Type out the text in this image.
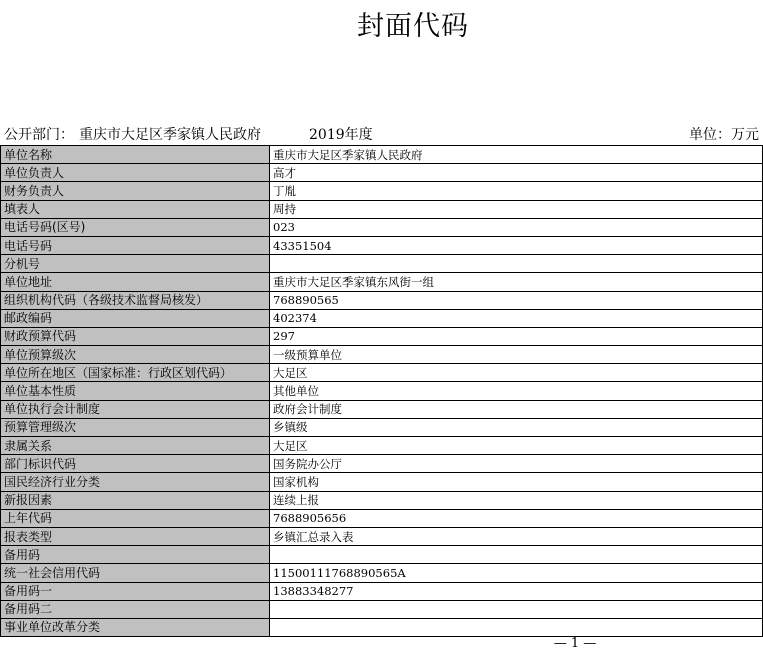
封面代码
公开部门： 重庆市大足区季家镇人民政府	2019年度	单位：万元
单位名称	重庆市大足区季家镇人民政府
单位负责人	高才
财务负责人	丁胤
填表人	周持
电话号码(区号)	023
电话号码	43351504
分机号	
单位地址	重庆市大足区季家镇东风街一组
组织机构代码（各级技术监督局核发）	768890565
邮政编码	402374
财政预算代码	297
单位预算级次	一级预算单位
单位所在地区（国家标准：行政区划代码）	大足区
单位基本性质	其他单位
单位执行会计制度	政府会计制度
预算管理级次	乡镇级
隶属关系	大足区
部门标识代码	国务院办公厅
国民经济行业分类	国家机构
新报因素	连续上报
上年代码	7688905656
报表类型	乡镇汇总录入表
备用码	
统一社会信用代码	11500111768890565A
备用码一	13883348277
备用码二	
事业单位改革分类	
— 1 —
